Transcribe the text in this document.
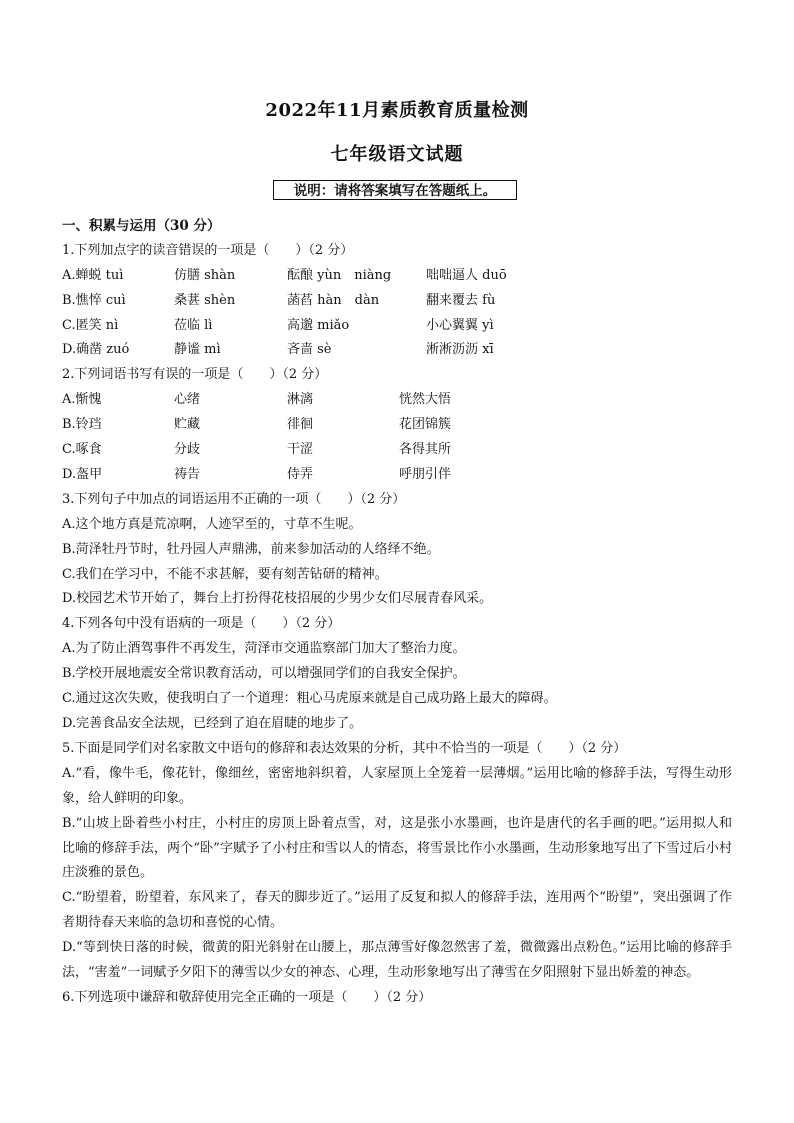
2022年11月素质教育质量检测
七年级语文试题
说明：请将答案填写在答题纸上。
一、积累与运用（30 分）
1.下列加点字的读音错误的一项是（　　）（2 分）
A.蝉蜕 tuì	仿膳 shàn	酝酿 yùn　niàng	咄咄逼人 duō
B.憔悴 cuì	桑葚 shèn	菡萏 hàn　dàn	翻来覆去 fù
C.匿笑 nì	莅临 lì	高邈 miǎo	小心翼翼 yì
D.确凿 zuó	静谧 mì	吝啬 sè	淅淅沥沥 xī
2.下列词语书写有误的一项是（　　）（2 分）
A.惭愧	心绪	淋漓	恍然大悟
B.铃珰	贮藏	徘徊	花团锦簇
C.啄食	分歧	干涩	各得其所
D.盔甲	祷告	侍弄	呼朋引伴
3.下列句子中加点的词语运用不正确的一项（　　）（2 分）
A.这个地方真是荒凉啊，人迹罕至的，寸草不生呢。
B.菏泽牡丹节时，牡丹园人声鼎沸，前来参加活动的人络绎不绝。
C.我们在学习中，不能不求甚解，要有刻苦钻研的精神。
D.校园艺术节开始了，舞台上打扮得花枝招展的少男少女们尽展青春风采。
4.下列各句中没有语病的一项是（　　）（2 分）
A.为了防止酒驾事件不再发生，菏泽市交通监察部门加大了整治力度。
B.学校开展地震安全常识教育活动，可以增强同学们的自我安全保护。
C.通过这次失败，使我明白了一个道理：粗心马虎原来就是自己成功路上最大的障碍。
D.完善食品安全法规，已经到了迫在眉睫的地步了。
5.下面是同学们对名家散文中语句的修辞和表达效果的分析，其中不恰当的一项是（　　）（2 分）
A.“看，像牛毛，像花针，像细丝，密密地斜织着，人家屋顶上全笼着一层薄烟。”运用比喻的修辞手法，写得生动形象，给人鲜明的印象。
B.“山坡上卧着些小村庄，小村庄的房顶上卧着点雪，对，这是张小水墨画，也许是唐代的名手画的吧。”运用拟人和比喻的修辞手法，两个“卧”字赋予了小村庄和雪以人的情态，将雪景比作小水墨画，生动形象地写出了下雪过后小村庄淡雅的景色。
C.“盼望着，盼望着，东风来了，春天的脚步近了。”运用了反复和拟人的修辞手法，连用两个“盼望”，突出强调了作者期待春天来临的急切和喜悦的心情。
D.“等到快日落的时候，微黄的阳光斜射在山腰上，那点薄雪好像忽然害了羞，微微露出点粉色。”运用比喻的修辞手法，“害羞”一词赋予夕阳下的薄雪以少女的神态、心理，生动形象地写出了薄雪在夕阳照射下显出娇羞的神态。
6.下列选项中谦辞和敬辞使用完全正确的一项是（　　）（2 分）
